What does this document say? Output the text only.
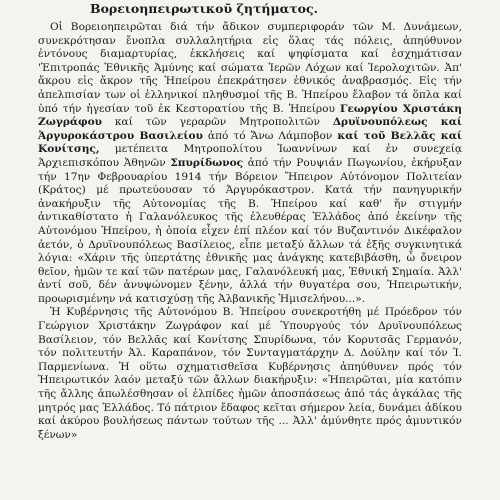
Βορειοηπειρωτικοῦ ζητήματος.

Οἱ Βορειοηπειρῶται διά τήν ἄδικον συμπεριφοράν τῶν Μ. Δυνάμεων, συνεκρότησαν ἔνοπλα συλλαλητήρια εἰς ὅλας τάς πόλεις, ἁπηύθυνον ἐντόνους διαμαρτυρίας, ἐκκλήσεις καί ψηφίσματα καί ἐσχημάτισαν 'Ἐπιτροπάς Ἐθνικῆς Ἀμύνης καί σώματα Ἱερῶν Λόχων καί Ἱερολοχιτῶν. Ἀπ' ἄκρου εἰς ἄκρον τῆς Ἠπείρου ἐπεκράτησεν ἐθνικός ἀναβρασμός. Εἰς τήν ἀπελπισίαν των οἱ ἑλληνικοί πληθυσμοί τῆς Β. Ἠπείρου ἔλαβον τά ὅπλα καί ὑπό τήν ἡγεσίαν τοῦ ἐκ Κεστορατίου τῆς Β. Ἠπείρου Γεωργίου Χριστάκη Ζωγράφου καί τῶν γεραρῶν Μητροπολιτῶν Δρυϊνουπόλεως καί Ἀργυροκάστρου Βασιλείου ἀπό τό Ἄνω Λάμποβον καί τοῦ Βελλᾶς καί Κονίτσης, μετέπειτα Μητροπολίτου Ἰωαννίνων καί ἐν συνεχείᾳ Ἀρχιεπισκόπου Ἀθηνῶν Σπυρίδωνος ἀπό τήν Ρουψιάν Πωγωνίου, ἐκήρυξαν τήν 17ην Φεβρουαρίου 1914 τήν Βόρειον Ἤπειρον Αὐτόνομον Πολιτείαν (Κράτος) μέ πρωτεύουσαν τό Ἀργυρόκαστρον. Κατά τήν πανηγυρικήν ἀνακήρυξιν τῆς Αὐτονομίας τῆς Β. Ἠπείρου καί καθ' ἥν στιγμήν ἀντικαθίστατο ἡ Γαλανόλευκος τῆς ἐλευθέρας Ἑλλάδος ἀπό ἐκείνην τῆς Αὐτονόμου Ἠπείρου, ἡ ὁποία εἶχεν ἐπί πλέον καί τόν Βυζαντινόν Δικέφαλον ἀετόν, ὁ Δρυϊνουπόλεως Βασίλειος, εἶπε μεταξύ ἄλλων τά ἑξῆς συγκινητικά λόγια: «Χάριν τῆς ὑπερτάτης ἐθνικῆς μας ἀνάγκης κατεβιβάσθη, ὦ ὄνειρον θεῖον, ἡμῶν τε καί τῶν πατέρων μας, Γαλανόλευκή μας, Ἐθνική Σημαία. Ἀλλ' ἀντί σοῦ, δέν ἀνυψώνομεν ξένην, ἀλλά τήν θυγατέρα σου, Ἠπειρωτικήν, προωρισμένην νά κατισχύσῃ τῆς Ἀλβανικῆς Ἡμισελήνου...».

Ἡ Κυβέρνησις τῆς Αὐτονόμου Β. Ἠπείρου συνεκροτήθη μέ Πρόεδρον τόν Γεώργιον Χριστάκην Ζωγράφον καί μέ Ὑπουργούς τόν Δρυϊνουπόλεως Βασίλειον, τόν Βελλᾶς καί Κονίτσης Σπυρίδωνα, τόν Κορυτσᾶς Γερμανόν, τόν πολιτευτήν Ἀλ. Καραπάνον, τόν Συνταγματάρχην Δ. Δούλην καί τόν Ἰ. Παρμενίωνα. Ἡ οὕτω σχηματισθεῖσα Κυβέρνησις ἀπηύθυνεν πρός τόν Ἠπειρωτικόν λαόν μεταξύ τῶν ἄλλων διακήρυξιν: «Ἠπειρῶται, μία κατόπιν τῆς ἄλλης ἀπωλέσθησαν οἱ ἐλπίδες ἡμῶν ἀποσπάσεως ἀπό τάς ἀγκάλας τῆς μητρός μας Ἑλλάδος. Τό πάτριον ἔδαφος κεῖται σήμερον λεία, δυνάμει ἀδίκου καί ἀκύρου βουλήσεως πάντων τούτων τῆς ... Ἀλλ' ἀμύνθητε πρός ἀμυντικόν ξένων»
